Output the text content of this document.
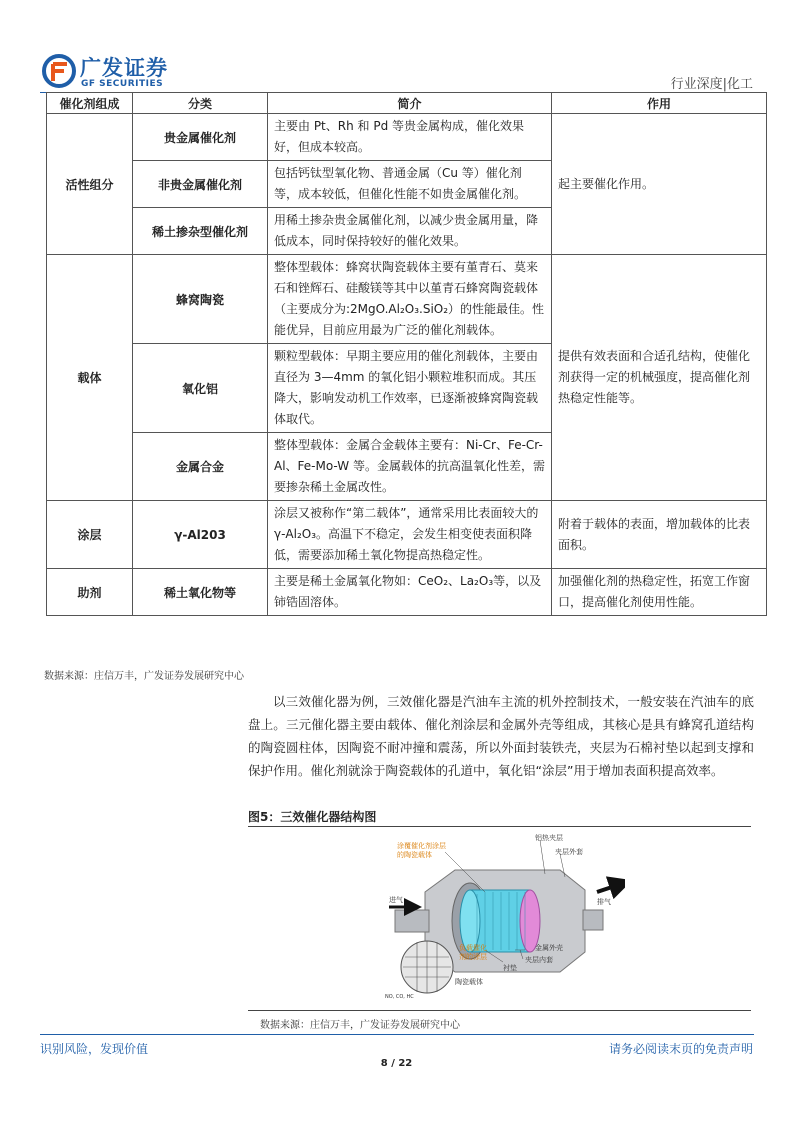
广发证券
GF SECURITIES	行业深度|化工
催化剂组成	分类	简介	作用
活性组分	贵金属催化剂	主要由 Pt、Rh 和 Pd 等贵金属构成，催化效果好，但成本较高。	起主要催化作用。
	非贵金属催化剂	包括钙钛型氧化物、普通金属（Cu 等）催化剂等，成本较低，但催化性能不如贵金属催化剂。	
	稀土掺杂型催化剂	用稀土掺杂贵金属催化剂，以减少贵金属用量，降低成本，同时保持较好的催化效果。	
载体	蜂窝陶瓷	整体型载体：蜂窝状陶瓷载体主要有堇青石、莫来石和锉辉石、硅酸镁等其中以堇青石蜂窝陶瓷载体（主要成分为:2MgO.Al₂O₃.SiO₂）的性能最佳。性能优异，目前应用最为广泛的催化剂载体。	提供有效表面和合适孔结构，使催化剂获得一定的机械强度，提高催化剂热稳定性能等。
	氧化铝	颗粒型载体：早期主要应用的催化剂载体，主要由直径为 3—4mm 的氧化铝小颗粒堆积而成。其压降大，影响发动机工作效率，已逐渐被蜂窝陶瓷载体取代。	
	金属合金	整体型载体：金属合金载体主要有：Ni-Cr、Fe-Cr-Al、Fe-Mo-W 等。金属载体的抗高温氧化性差，需要掺杂稀土金属改性。	
涂层	γ-Al203	涂层又被称作“第二载体”，通常采用比表面较大的 γ-Al₂O₃。高温下不稳定，会发生相变使表面积降低，需要添加稀土氧化物提高热稳定性。	附着于载体的表面，增加载体的比表面积。
助剂	稀土氧化物等	主要是稀土金属氧化物如：CeO₂、La₂O₃等，以及铈锆固溶体。	加强催化剂的热稳定性，拓宽工作窗口，提高催化剂使用性能。
数据来源：庄信万丰，广发证券发展研究中心
以三效催化器为例，三效催化器是汽油车主流的机外控制技术，一般安装在汽油车的底盘上。三元催化器主要由载体、催化剂涂层和金属外壳等组成，其核心是具有蜂窝孔道结构的陶瓷圆柱体，因陶瓷不耐冲撞和震荡，所以外面封装铁壳，夹层为石棉衬垫以起到支撑和保护作用。催化剂就涂于陶瓷载体的孔道中，氧化铝“涂层”用于增加表面积提高效率。
图5：三效催化器结构图
涂覆催化剂涂层
的陶瓷载体
铝热夹层
夹层外套
进气	排气
负载催化
剂的涂层
金属外壳
夹层内套
衬垫
陶瓷载体
NO, CO, HC
数据来源：庄信万丰，广发证券发展研究中心
识别风险，发现价值	请务必阅读末页的免责声明
8 / 22
